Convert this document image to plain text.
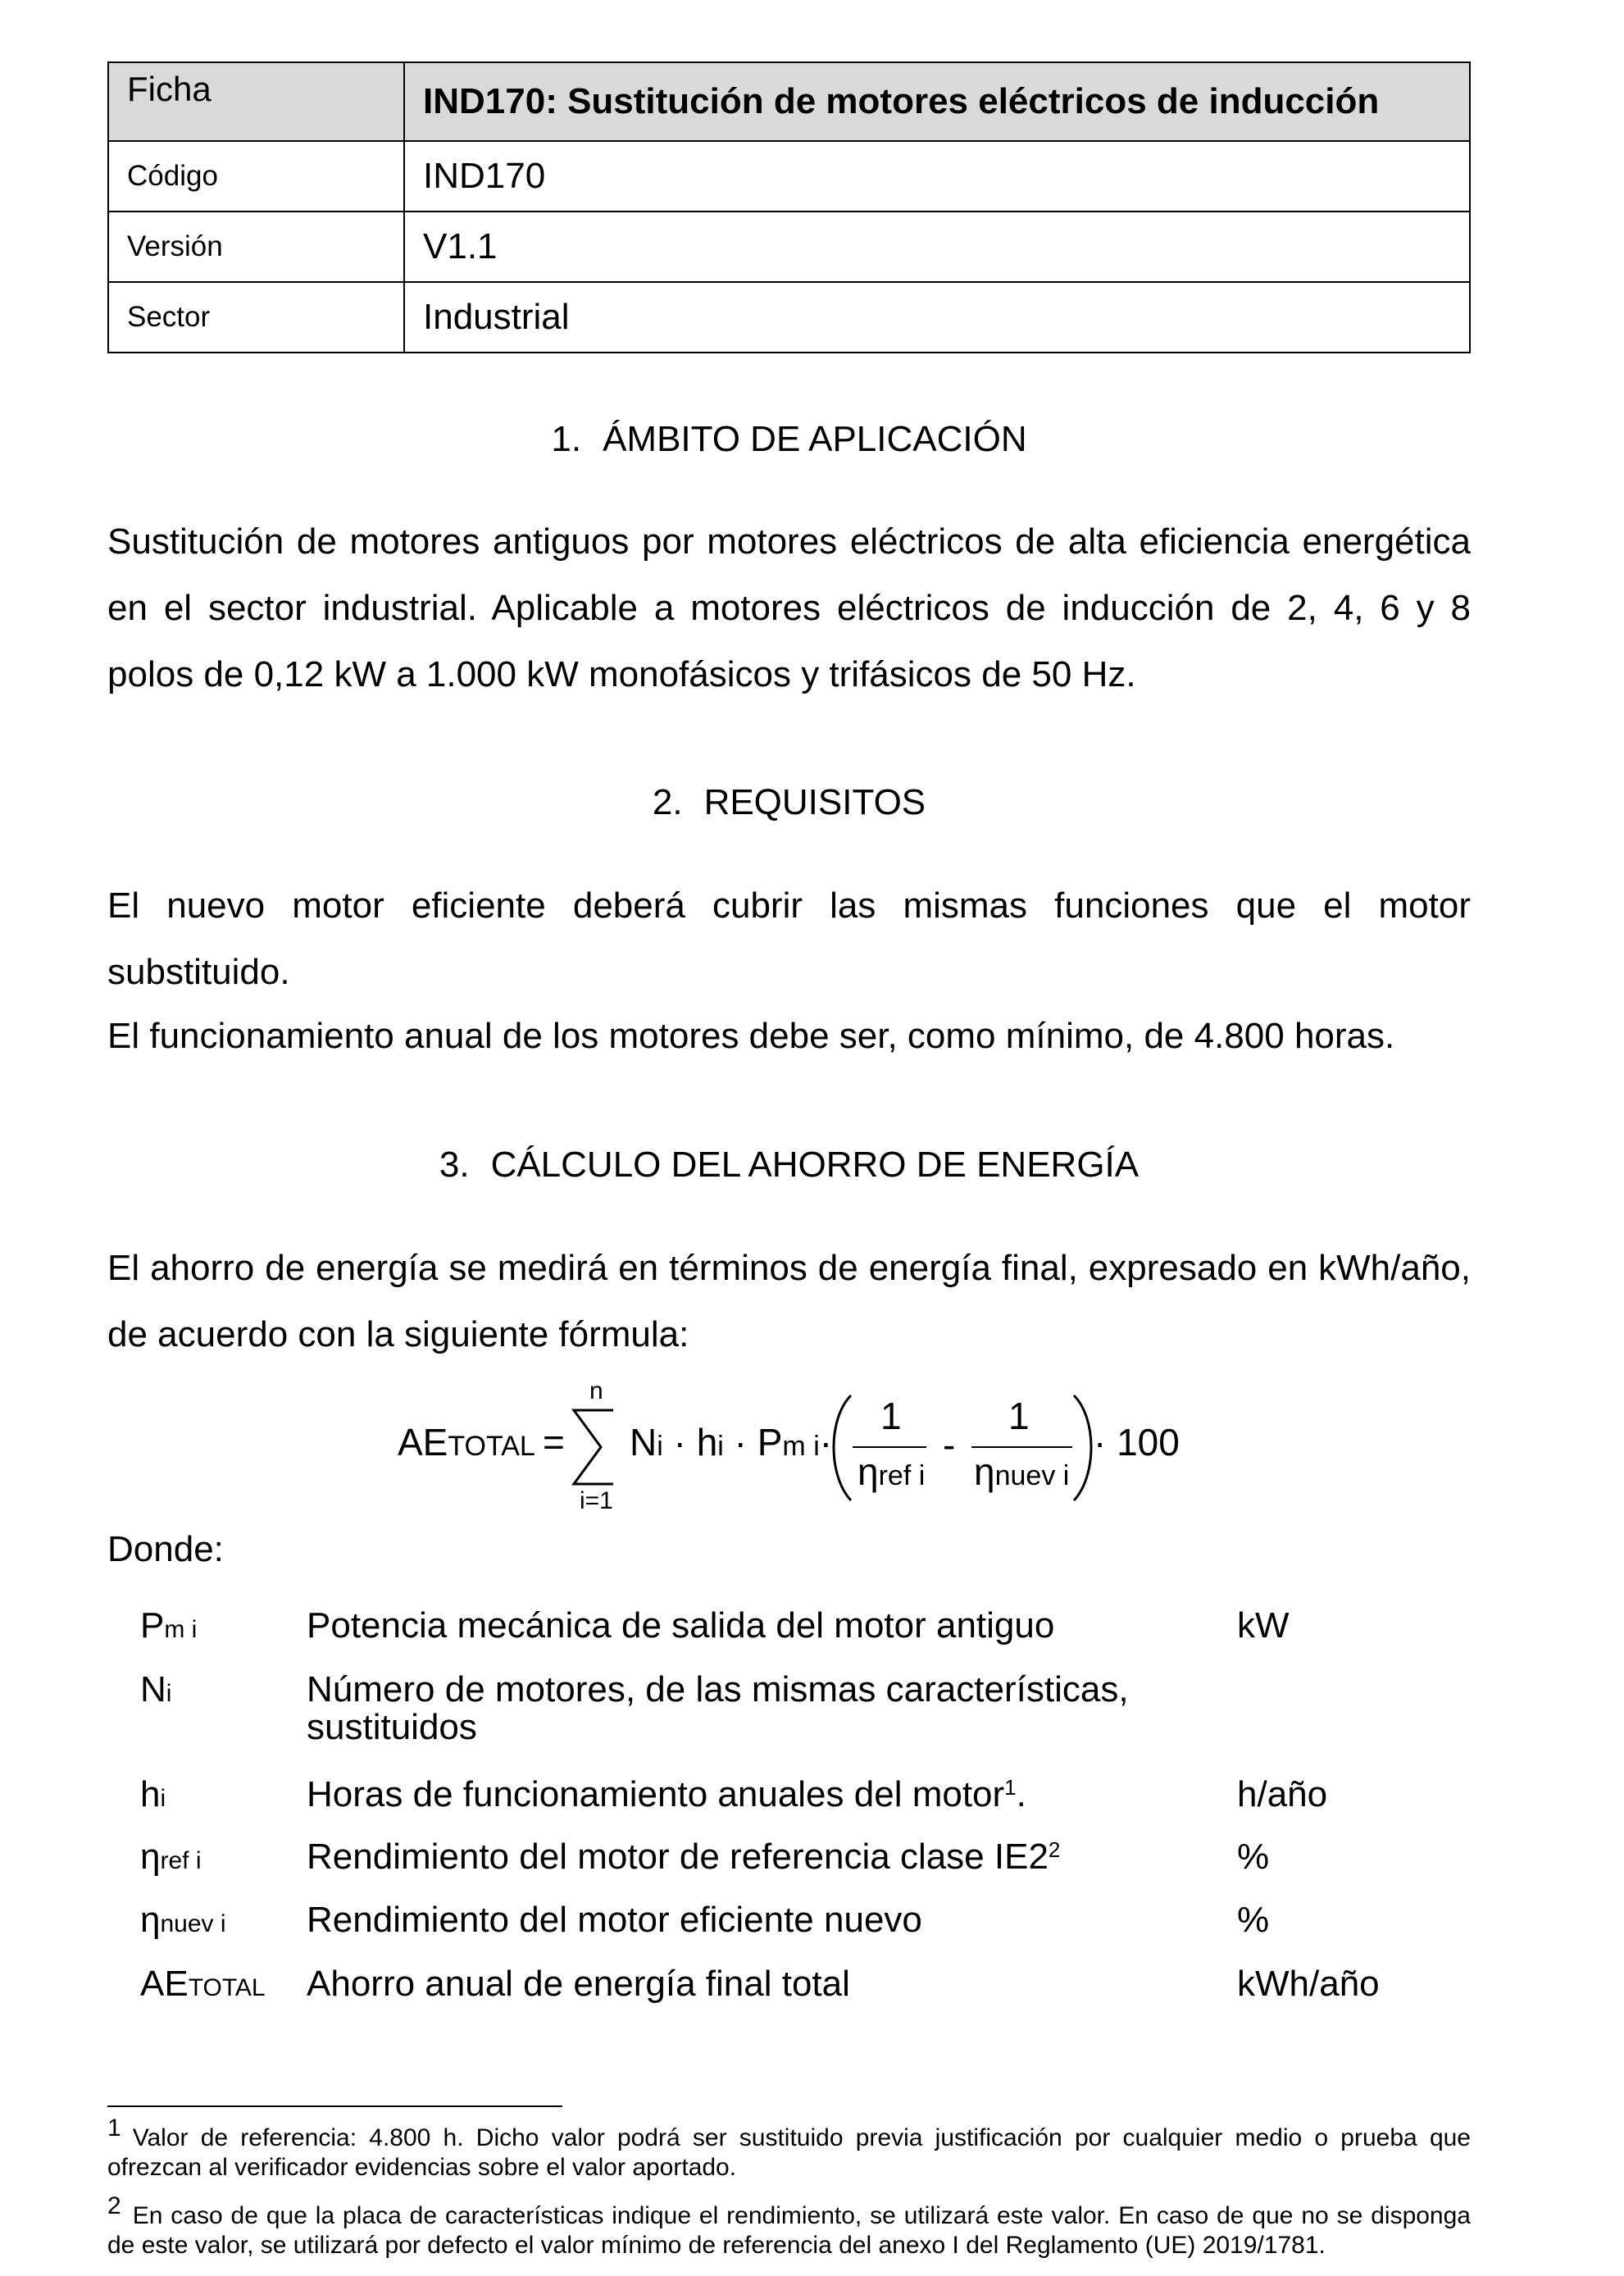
Ficha	IND170: Sustitución de motores eléctricos de inducción
Código	IND170
Versión	V1.1
Sector	Industrial
1. ÁMBITO DE APLICACIÓN

Sustitución de motores antiguos por motores eléctricos de alta eficiencia energética en el sector industrial. Aplicable a motores eléctricos de inducción de 2, 4, 6 y 8 polos de 0,12 kW a 1.000 kW monofásicos y trifásicos de 50 Hz.

2. REQUISITOS

El nuevo motor eficiente deberá cubrir las mismas funciones que el motor substituido.

El funcionamiento anual de los motores debe ser, como mínimo, de 4.800 horas.

3. CÁLCULO DEL AHORRO DE ENERGÍA

El ahorro de energía se medirá en términos de energía final, expresado en kWh/año, de acuerdo con la siguiente fórmula:

AETOTAL =
n
i=1
Ni · hi · Pm i·
1
ηref i
-
1
ηnuev i
· 100

Donde:

Pm i	Potencia mecánica de salida del motor antiguo	kW
Ni	Número de motores, de las mismas características, sustituidos
hi	Horas de funcionamiento anuales del motor$^1$.	h/año
ηref i	Rendimiento del motor de referencia clase IE2$^2$	%
ηnuev i Rendimiento del motor eficiente nuevo	%
AETOTAL Ahorro anual de energía final total	kWh/año
1 Valor de referencia: 4.800 h. Dicho valor podrá ser sustituido previa justificación por cualquier medio o prueba que ofrezcan al verificador evidencias sobre el valor aportado.
2 En caso de que la placa de características indique el rendimiento, se utilizará este valor. En caso de que no se disponga de este valor, se utilizará por defecto el valor mínimo de referencia del anexo I del Reglamento (UE) 2019/1781.
